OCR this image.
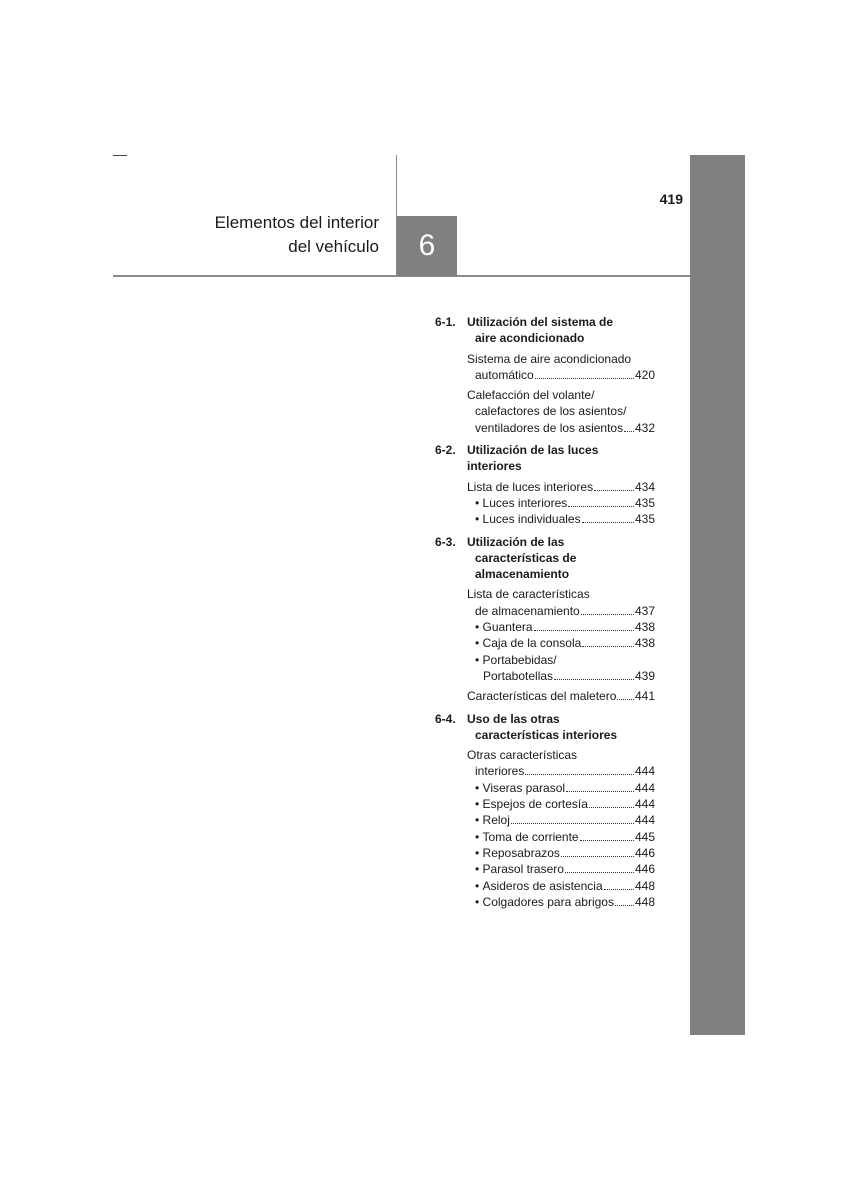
Elementos del interior
del vehículo	6
419
6-1. Utilización del sistema de
aire acondicionado
Sistema de aire acondicionado
automático	420
Calefacción del volante/
calefactores de los asientos/
ventiladores de los asientos 432
6-2. Utilización de las luces interiores
Lista de luces interiores	434
• Luces interiores	435
• Luces individuales	435
6-3. Utilización de las
características de
almacenamiento
Lista de características
de almacenamiento	437
• Guantera	438
• Caja de la consola	438
• Portabebidas/
Portabotellas	439
Características del maletero 441
6-4. Uso de las otras
características interiores
Otras características
interiores	444
• Viseras parasol	444
• Espejos de cortesía	444
• Reloj	444
• Toma de corriente	445
• Reposabrazos	446
• Parasol trasero	446
• Asideros de asistencia	448
• Colgadores para abrigos 448
